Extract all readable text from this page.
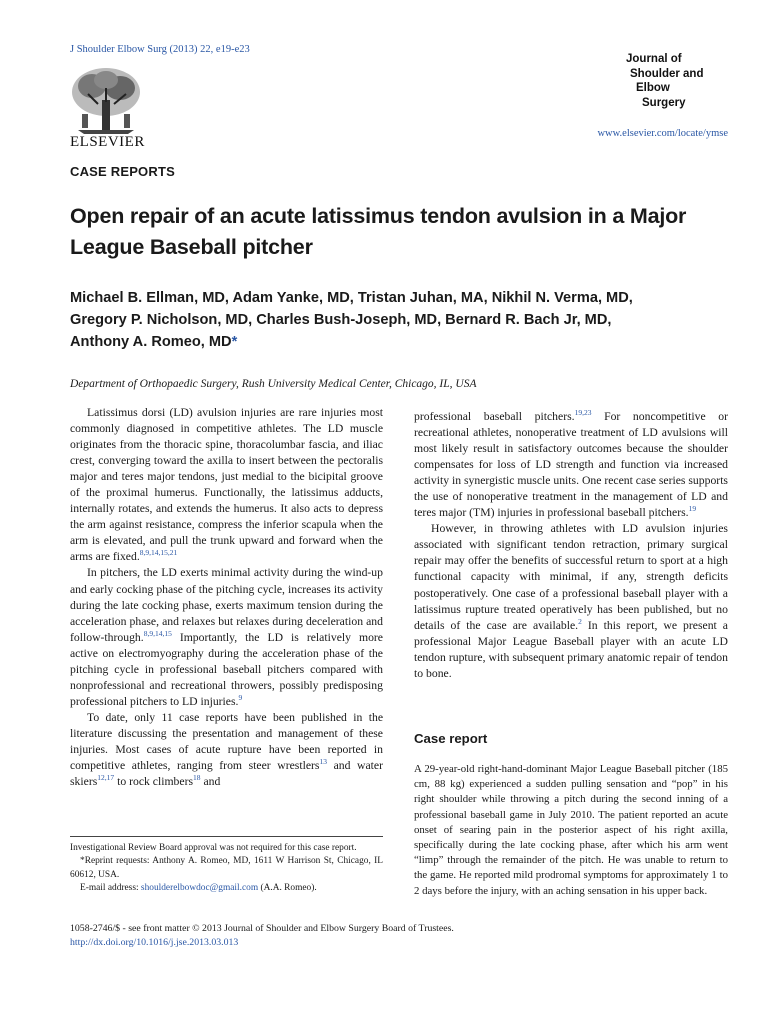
J Shoulder Elbow Surg (2013) 22, e19-e23
ELSEVIER
Journal of
Shoulder and
Elbow
Surgery
www.elsevier.com/locate/ymse
CASE REPORTS
Open repair of an acute latissimus tendon avulsion in a Major League Baseball pitcher
Michael B. Ellman, MD, Adam Yanke, MD, Tristan Juhan, MA, Nikhil N. Verma, MD,
Gregory P. Nicholson, MD, Charles Bush-Joseph, MD, Bernard R. Bach Jr, MD,
Anthony A. Romeo, MD*
Department of Orthopaedic Surgery, Rush University Medical Center, Chicago, IL, USA

Latissimus dorsi (LD) avulsion injuries are rare injuries most commonly diagnosed in competitive athletes. The LD muscle originates from the thoracic spine, thoracolumbar fascia, and iliac crest, converging toward the axilla to insert between the pectoralis major and teres major tendons, just medial to the bicipital groove of the proximal humerus. Functionally, the latissimus adducts, internally rotates, and extends the humerus. It also acts to depress the arm against resistance, compress the inferior scapula when the arm is elevated, and pull the trunk upward and forward when the arms are fixed.$^{8,9,14,15,21}$

In pitchers, the LD exerts minimal activity during the wind-up and early cocking phase of the pitching cycle, increases its activity during the late cocking phase, exerts maximum tension during the acceleration phase, and relaxes but relaxes during deceleration and follow-through.$^{8,9,14,15}$ Importantly, the LD is relatively more active on electromyography during the acceleration phase of the pitching cycle in professional baseball pitchers compared with nonprofessional and recreational throwers, possibly predisposing professional pitchers to LD injuries.$^9$

To date, only 11 case reports have been published in the literature discussing the presentation and management of these injuries. Most cases of acute rupture have been reported in competitive athletes, ranging from steer wrestlers$^{13}$ and water skiers$^{12,17}$ to rock climbers$^{18}$ and

professional baseball pitchers.$^{19,23}$ For noncompetitive or recreational athletes, nonoperative treatment of LD avulsions will most likely result in satisfactory outcomes because the shoulder compensates for loss of LD strength and function via increased activity in synergistic muscle units. One recent case series supports the use of nonoperative treatment in the management of LD and teres major (TM) injuries in professional baseball pitchers.$^{19}$

However, in throwing athletes with LD avulsion injuries associated with significant tendon retraction, primary surgical repair may offer the benefits of successful return to sport at a high functional capacity with minimal, if any, strength deficits postoperatively. One case of a professional baseball player with a latissimus rupture treated operatively has been published, but no details of the case are available.$^2$ In this report, we present a professional Major League Baseball player with an acute LD tendon rupture, with subsequent primary anatomic repair of tendon to bone.

Case report

A 29-year-old right-hand-dominant Major League Baseball pitcher (185 cm, 88 kg) experienced a sudden pulling sensation and “pop” in his right shoulder while throwing a pitch during the second inning of a professional baseball game in July 2010. The patient reported an acute onset of searing pain in the posterior aspect of his right axilla, specifically during the late cocking phase, after which his arm went “limp” through the remainder of the pitch. He was unable to return to the game. He reported mild prodromal symptoms for approximately 1 to 2 days before the injury, with an aching sensation in his upper back.

Investigational Review Board approval was not required for this case report.

*Reprint requests: Anthony A. Romeo, MD, 1611 W Harrison St, Chicago, IL 60612, USA.

E-mail address: shoulderelbowdoc@gmail.com (A.A. Romeo).

1058-2746/$ - see front matter © 2013 Journal of Shoulder and Elbow Surgery Board of Trustees.
http://dx.doi.org/10.1016/j.jse.2013.03.013
